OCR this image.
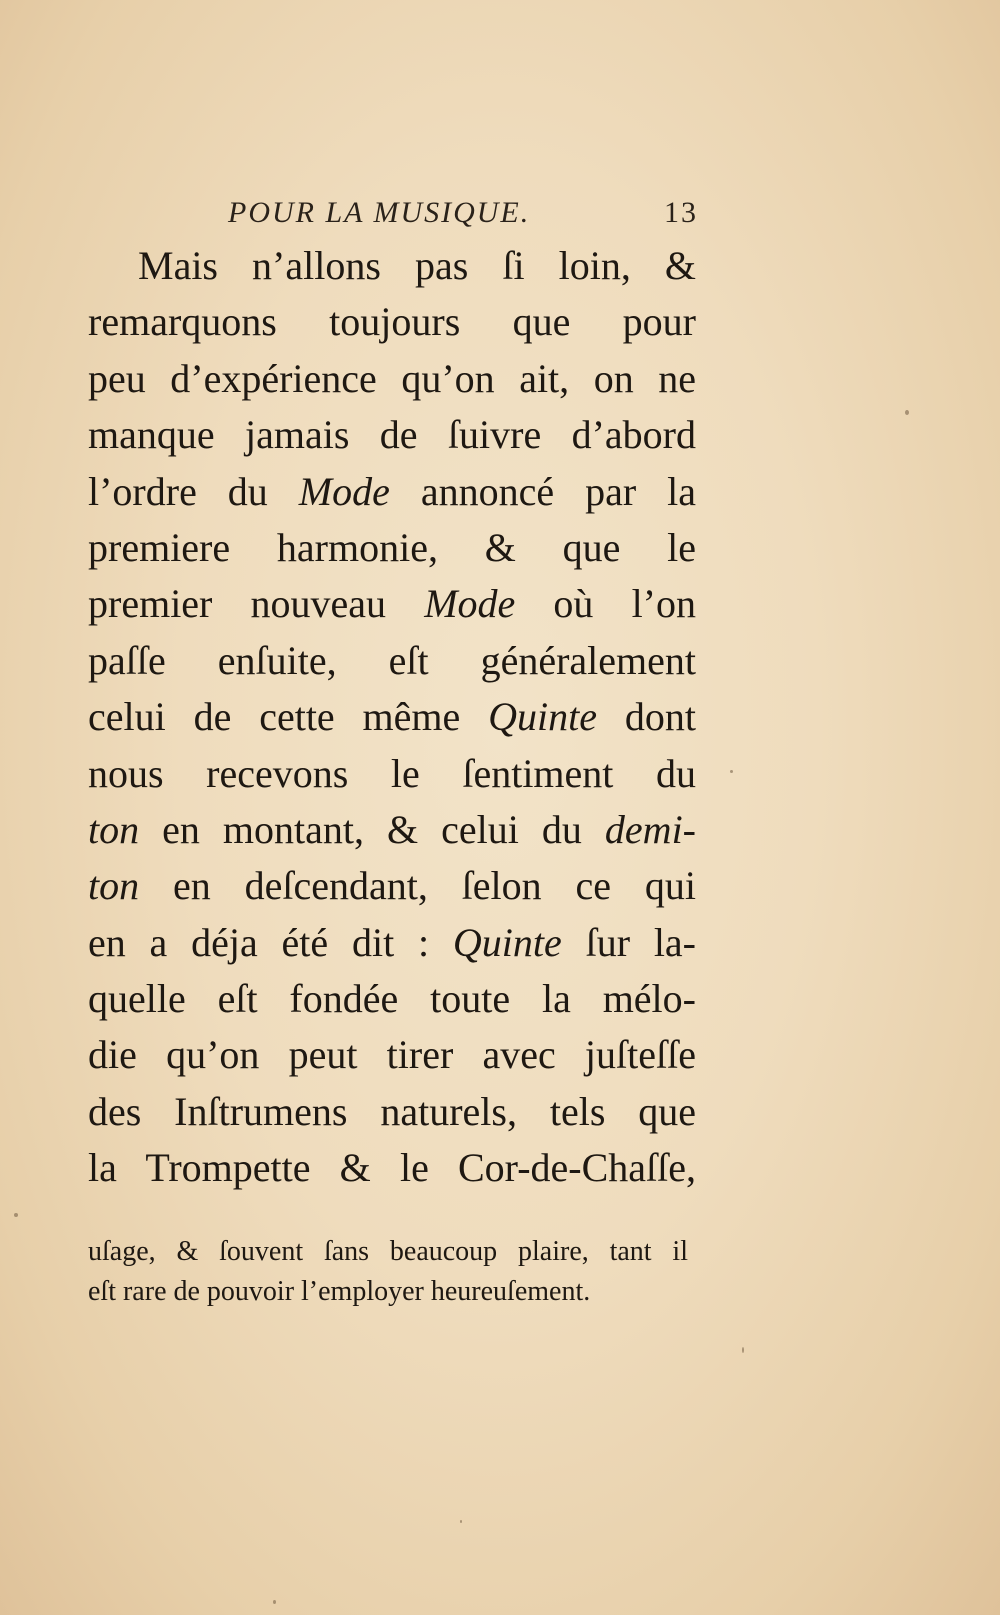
POUR LA MUSIQUE.	13
Mais n’allons pas ſi loin, &
remarquons toujours que pour
peu d’expérience qu’on ait, on ne
manque jamais de ſuivre d’abord
l’ordre du Mode annoncé par la
premiere harmonie, & que le
premier nouveau Mode où l’on
paſſe enſuite, eſt généralement
celui de cette même Quinte dont
nous recevons le ſentiment du
ton en montant, & celui du demi-
ton en deſcendant, ſelon ce qui
en a déja été dit : Quinte ſur la-
quelle eſt fondée toute la mélo-
die qu’on peut tirer avec juſteſſe
des Inſtrumens naturels, tels que
la Trompette & le Cor-de-Chaſſe,
uſage, & ſouvent ſans beaucoup plaire, tant il
eſt rare de pouvoir l’employer heureuſement.
